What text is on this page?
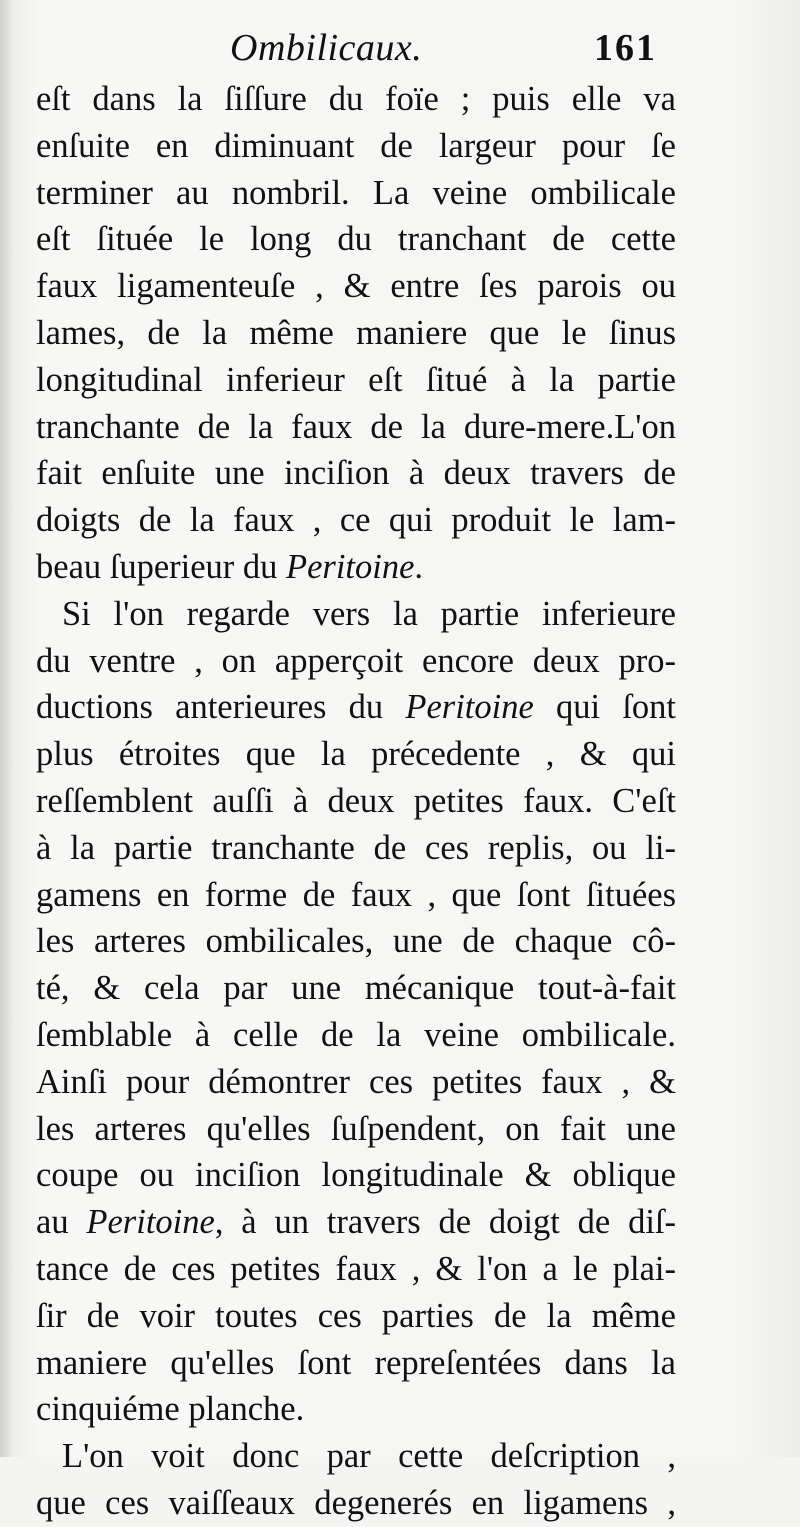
Ombilicaux.	161
eſt dans la ſiſſure du foïe ; puis elle va
enſuite en diminuant de largeur pour ſe
terminer au nombril. La veine ombilicale
eſt ſituée le long du tranchant de cette
faux ligamenteuſe , & entre ſes parois ou
lames, de la même maniere que le ſinus
longitudinal inferieur eſt ſitué à la partie
tranchante de la faux de la dure-mere.L'on
fait enſuite une inciſion à deux travers de
doigts de la faux , ce qui produit le lam-
beau ſuperieur du Peritoine.
Si l'on regarde vers la partie inferieure
du ventre , on apperçoit encore deux pro-
ductions anterieures du Peritoine qui ſont
plus étroites que la précedente , & qui
reſſemblent auſſi à deux petites faux. C'eſt
à la partie tranchante de ces replis, ou li-
gamens en forme de faux , que ſont ſituées
les arteres ombilicales, une de chaque cô-
té, & cela par une mécanique tout-à-fait
ſemblable à celle de la veine ombilicale.
Ainſi pour démontrer ces petites faux , &
les arteres qu'elles ſuſpendent, on fait une
coupe ou inciſion longitudinale & oblique
au Peritoine, à un travers de doigt de diſ-
tance de ces petites faux , & l'on a le plai-
ſir de voir toutes ces parties de la même
maniere qu'elles ſont repreſentées dans la
cinquiéme planche.
L'on voit donc par cette deſcription ,
que ces vaiſſeaux degenerés en ligamens ,
